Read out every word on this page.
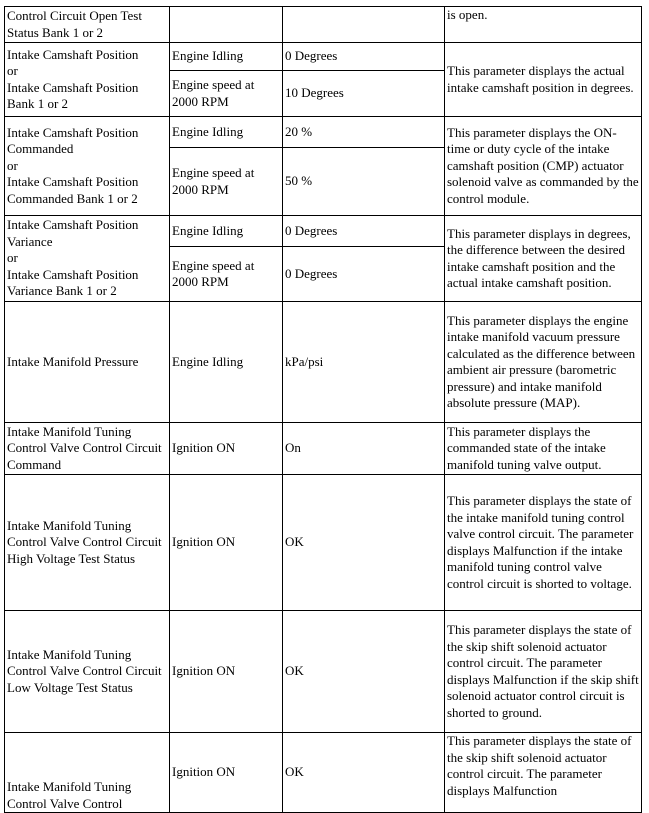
Control Circuit Open Test Status Bank 1 or 2			is open.
Intake Camshaft Position
or
Intake Camshaft Position Bank 1 or 2	Engine Idling	0 Degrees	This parameter displays the actual intake camshaft position in degrees.
	Engine speed at 2000 RPM	10 Degrees	
Intake Camshaft Position Commanded
or
Intake Camshaft Position Commanded Bank 1 or 2	Engine Idling	20 %	This parameter displays the ON-time or duty cycle of the intake camshaft position (CMP) actuator solenoid valve as commanded by the control module.
	Engine speed at 2000 RPM	50 %	
Intake Camshaft Position Variance
or
Intake Camshaft Position Variance Bank 1 or 2	Engine Idling	0 Degrees	This parameter displays in degrees, the difference between the desired intake camshaft position and the actual intake camshaft position.
	Engine speed at 2000 RPM	0 Degrees	
Intake Manifold Pressure	Engine Idling	kPa/psi	This parameter displays the engine intake manifold vacuum pressure calculated as the difference between ambient air pressure (barometric pressure) and intake manifold absolute pressure (MAP).
Intake Manifold Tuning Control Valve Control Circuit Command	Ignition ON	On	This parameter displays the commanded state of the intake manifold tuning valve output.
Intake Manifold Tuning Control Valve Control Circuit High Voltage Test Status	Ignition ON	OK	This parameter displays the state of the intake manifold tuning control valve control circuit. The parameter displays Malfunction if the intake manifold tuning control valve control circuit is shorted to voltage.
Intake Manifold Tuning Control Valve Control Circuit Low Voltage Test Status	Ignition ON	OK	This parameter displays the state of the skip shift solenoid actuator control circuit. The parameter displays Malfunction if the skip shift solenoid actuator control circuit is shorted to ground.
Intake Manifold Tuning Control Valve Control	Ignition ON	OK	This parameter displays the state of the skip shift solenoid actuator control circuit. The parameter displays Malfunction
